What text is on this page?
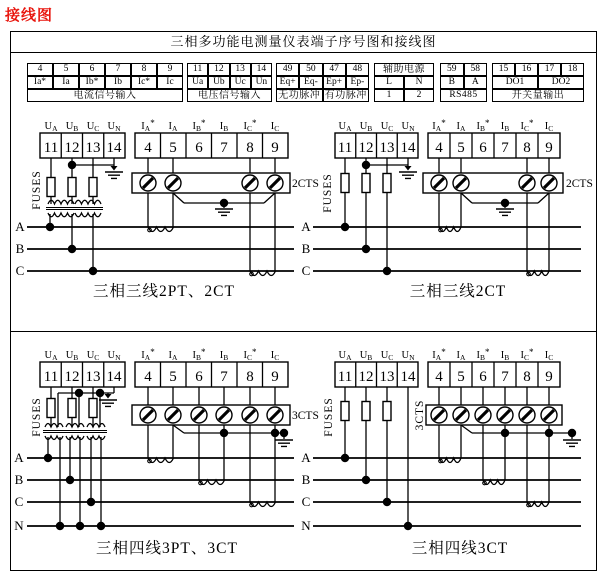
接线图
三相多功能电测量仪表端子序号图和接线图
4	5	6	7	8	9
Ia*	Ia	Ib*	Ib	Ic*	Ic
电流信号输入
11	12	13	14
Ua	Ub	Uc	Un
电压信号输入
49	50	47	48
Eq+ Eq- Ep+ Ep-
无功脉冲 有功脉冲
辅助电源
L	N
1	2
59	58
B	A
RS485
15	16	17	18
DO1	DO2
开关量输出
UA UB UC UN
11 12 13 14
FUSES
IA* IA IB* IB IC* IC
4 5 6 7 8 9
2CTS
A
B
C
三相三线2PT、2CT
UA UB UC UN
11 12 13 14
FUSES
IA* IA IB* IB IC* IC
4 5 6 7 8 9
2CTS
A
B
C
三相三线2CT
UA UB UC UN
11 12 13 14
FUSES
IA* IA IB* IB IC* IC
4 5 6 7 8 9
3CTS
A
B
C
N
三相四线3PT、3CT
UA UB UC UN
11 12 13 14
FUSES
IA* IA IB* IB IC* IC
4 5 6 7 8 9
3CTS
A
B
C
N
三相四线3CT
